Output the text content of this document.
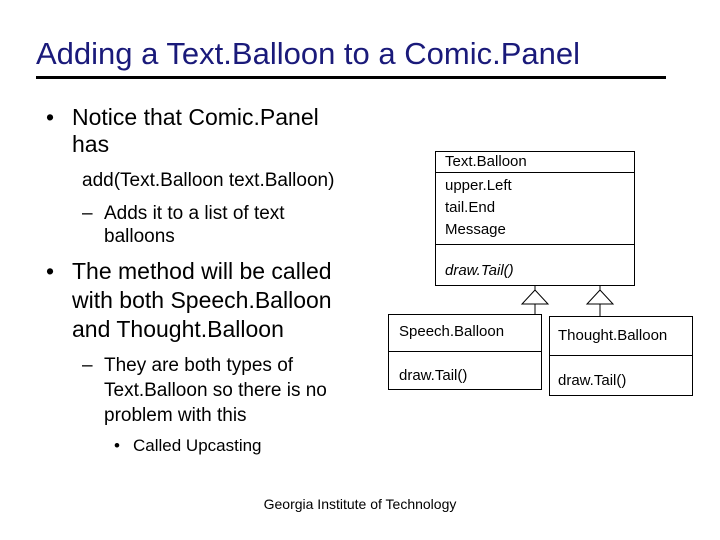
Adding a Text.Balloon to a Comic.Panel
• Notice that Comic.Panel
has
add(Text.Balloon text.Balloon)
– Adds it to a list of text
balloons
• The method will be called
with both Speech.Balloon
and Thought.Balloon
– They are both types of
Text.Balloon so there is no
problem with this
• Called Upcasting
Text.Balloon
upper.Left
tail.End
Message
draw.Tail()
Speech.Balloon
draw.Tail()
Thought.Balloon
draw.Tail()
Georgia Institute of Technology
